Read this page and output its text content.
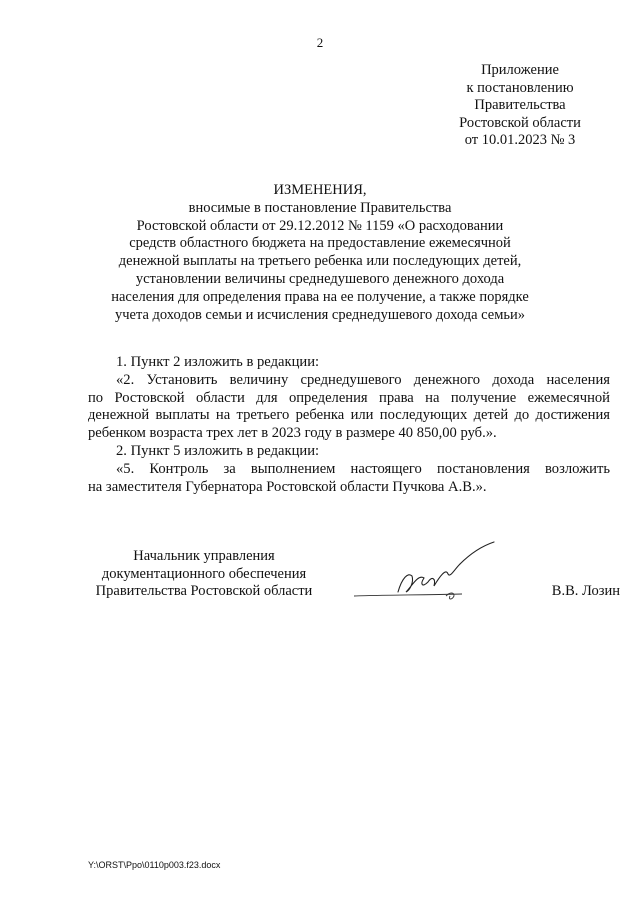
2
Приложение
к постановлению
Правительства
Ростовской области
от 10.01.2023 № 3
ИЗМЕНЕНИЯ,
вносимые в постановление Правительства
Ростовской области от 29.12.2012 № 1159 «О расходовании
средств областного бюджета на предоставление ежемесячной
денежной выплаты на третьего ребенка или последующих детей,
установлении величины среднедушевого денежного дохода
населения для определения права на ее получение, а также порядке
учета доходов семьи и исчисления среднедушевого дохода семьи»
1. Пункт 2 изложить в редакции:
«2. Установить величину среднедушевого денежного дохода населения
по Ростовской области для определения права на получение ежемесячной
денежной выплаты на третьего ребенка или последующих детей до достижения
ребенком возраста трех лет в 2023 году в размере 40 850,00 руб.».
2. Пункт 5 изложить в редакции:
«5. Контроль за выполнением настоящего постановления возложить
на заместителя Губернатора Ростовской области Пучкова А.В.».
Начальник управления
документационного обеспечения
Правительства Ростовской области	В.В. Лозин
Y:\ORST\Ppo\0110p003.f23.docx
